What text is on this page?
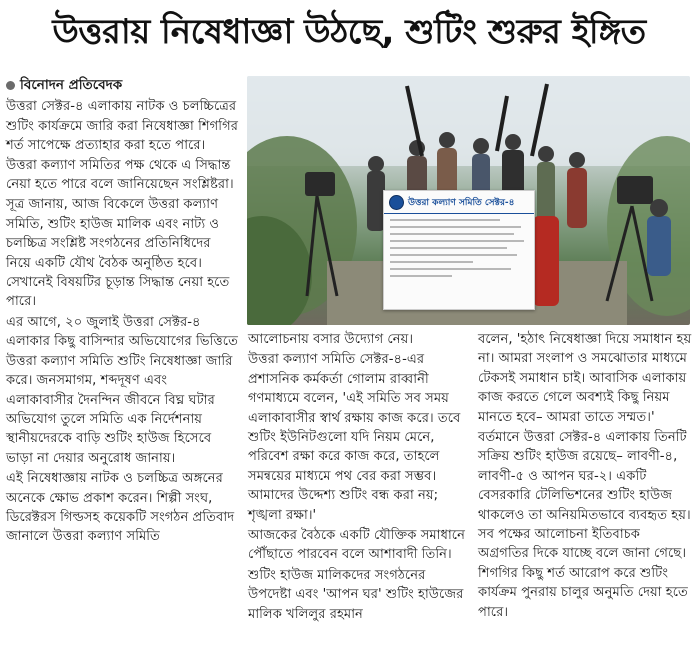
উত্তরায় নিষেধাজ্ঞা উঠছে, শুটিং শুরুর ইঙ্গিত
বিনোদন প্রতিবেদক

উত্তরা সেক্টর-৪ এলাকায় নাটক ও চলচ্চিত্রের শুটিং কার্যক্রমে জারি করা নিষেধাজ্ঞা শিগগির শর্ত সাপেক্ষে প্রত্যাহার করা হতে পারে। উত্তরা কল্যাণ সমিতির পক্ষ থেকে এ সিদ্ধান্ত নেয়া হতে পারে বলে জানিয়েছেন সংশ্লিষ্টরা।

সূত্র জানায়, আজ বিকেলে উত্তরা কল্যাণ সমিতি, শুটিং হাউজ মালিক এবং নাট্য ও চলচ্চিত্র সংশ্লিষ্ট সংগঠনের প্রতিনিধিদের নিয়ে একটি যৌথ বৈঠক অনুষ্ঠিত হবে। সেখানেই বিষয়টির চূড়ান্ত সিদ্ধান্ত নেয়া হতে পারে।

এর আগে, ২০ জুলাই উত্তরা সেক্টর-৪ এলাকার কিছু বাসিন্দার অভিযোগের ভিত্তিতে উত্তরা কল্যাণ সমিতি শুটিং নিষেধাজ্ঞা জারি করে। জনসমাগম, শব্দদূষণ এবং এলাকাবাসীর দৈনন্দিন জীবনে বিঘ্ন ঘটার অভিযোগ তুলে সমিতি এক নির্দেশনায় স্থানীয়দেরকে বাড়ি শুটিং হাউজ হিসেবে ভাড়া না দেয়ার অনুরোধ জানায়।

এই নিষেধাজ্ঞায় নাটক ও চলচ্চিত্র অঙ্গনের অনেকে ক্ষোভ প্রকাশ করেন। শিল্পী সংঘ, ডিরেক্টরস গিল্ডসহ কয়েকটি সংগঠন প্রতিবাদ জানালে উত্তরা কল্যাণ সমিতি

উত্তরা কল্যাণ সমিতি সেক্টর-৪

আলোচনায় বসার উদ্যোগ নেয়।

উত্তরা কল্যাণ সমিতি সেক্টর-৪-এর প্রশাসনিক কর্মকর্তা গোলাম রাব্বানী গণমাধ্যমে বলেন, 'এই সমিতি সব সময় এলাকাবাসীর স্বার্থ রক্ষায় কাজ করে। তবে শুটিং ইউনিটগুলো যদি নিয়ম মেনে, পরিবেশ রক্ষা করে কাজ করে, তাহলে সমন্বয়ের মাধ্যমে পথ বের করা সম্ভব। আমাদের উদ্দেশ্য শুটিং বন্ধ করা নয়; শৃঙ্খলা রক্ষা।'

আজকের বৈঠকে একটি যৌক্তিক সমাধানে পৌঁছাতে পারবেন বলে আশাবাদী তিনি।

শুটিং হাউজ মালিকদের সংগঠনের উপদেষ্টা এবং 'আপন ঘর' শুটিং হাউজের মালিক খলিলুর রহমান

বলেন, 'হঠাৎ নিষেধাজ্ঞা দিয়ে সমাধান হয় না। আমরা সংলাপ ও সমঝোতার মাধ্যমে টেকসই সমাধান চাই। আবাসিক এলাকায় কাজ করতে গেলে অবশ্যই কিছু নিয়ম মানতে হবে– আমরা তাতে সম্মত।'

বর্তমানে উত্তরা সেক্টর-৪ এলাকায় তিনটি সক্রিয় শুটিং হাউজ রয়েছে– লাবণী-৪, লাবণী-৫ ও আপন ঘর-২। একটি বেসরকারি টেলিভিশনের শুটিং হাউজ থাকলেও তা অনিয়মিতভাবে ব্যবহৃত হয়। সব পক্ষের আলোচনা ইতিবাচক অগ্রগতির দিকে যাচ্ছে বলে জানা গেছে। শিগগির কিছু শর্ত আরোপ করে শুটিং কার্যক্রম পুনরায় চালুর অনুমতি দেয়া হতে পারে।
